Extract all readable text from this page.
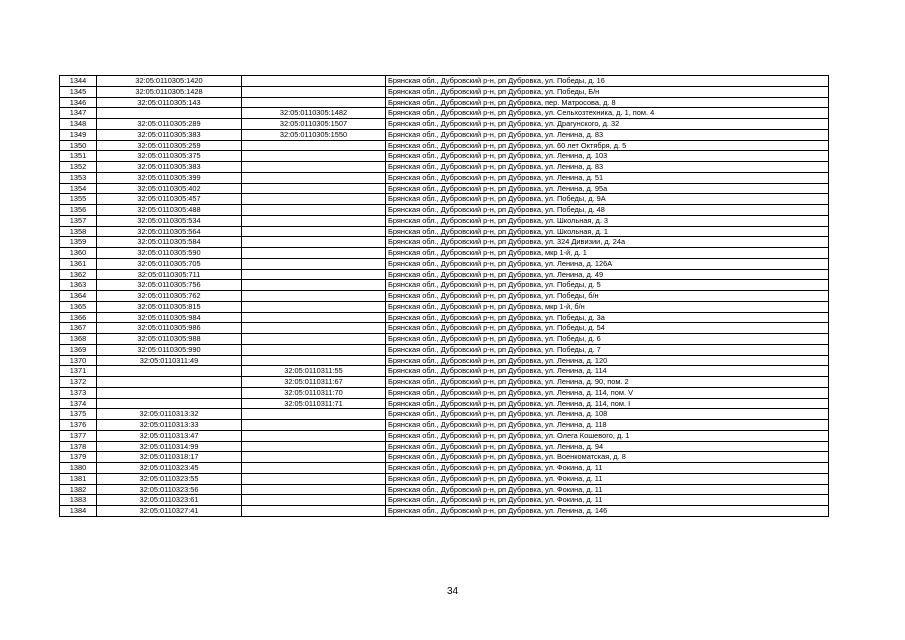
1344	32:05:0110305:1420		Брянская обл., Дубровский р-н, рп Дубровка, ул. Победы, д. 16
1345	32:05:0110305:1428		Брянская обл., Дубровский р-н, рп Дубровка, ул. Победы, Б/н
1346	32:05:0110305:143		Брянская обл., Дубровский р-н, рп Дубровка, пер. Матросова, д. 8
1347		32:05:0110305:1482	Брянская обл., Дубровский р-н, рп Дубровка, ул. Сельхозтехника, д. 1, пом. 4
1348	32:05:0110305:289	32:05:0110305:1507	Брянская обл., Дубровский р-н, рп Дубровка, ул. Драгунского, д. 32
1349	32:05:0110305:383	32:05:0110305:1550	Брянская обл., Дубровский р-н, рп Дубровка, ул. Ленина, д. 83
1350	32:05:0110305:259		Брянская обл., Дубровский р-н, рп Дубровка, ул. 60 лет Октября, д. 5
1351	32:05:0110305:375		Брянская обл., Дубровский р-н, рп Дубровка, ул. Ленина, д. 103
1352	32:05:0110305:383		Брянская обл., Дубровский р-н, рп Дубровка, ул. Ленина, д. 83
1353	32:05:0110305:399		Брянская обл., Дубровский р-н, рп Дубровка, ул. Ленина, д. 51
1354	32:05:0110305:402		Брянская обл., Дубровский р-н, рп Дубровка, ул. Ленина, д. 95а
1355	32:05:0110305:457		Брянская обл., Дубровский р-н, рп Дубровка, ул. Победы, д. 9А
1356	32:05:0110305:488		Брянская обл., Дубровский р-н, рп Дубровка, ул. Победы, д. 48
1357	32:05:0110305:534		Брянская обл., Дубровский р-н, рп Дубровка, ул. Школьная, д. 3
1358	32:05:0110305:564		Брянская обл., Дубровский р-н, рп Дубровка, ул. Школьная, д. 1
1359	32:05:0110305:584		Брянская обл., Дубровский р-н, рп Дубровка, ул. 324 Дивизии, д. 24а
1360	32:05:0110305:590		Брянская обл., Дубровский р-н, рп Дубровка, мкр 1-й, д. 1
1361	32:05:0110305:705		Брянская обл., Дубровский р-н, рп Дубровка, ул. Ленина, д. 126А
1362	32:05:0110305:711		Брянская обл., Дубровский р-н, рп Дубровка, ул. Ленина, д. 49
1363	32:05:0110305:756		Брянская обл., Дубровский р-н, рп Дубровка, ул. Победы, д. 5
1364	32:05:0110305:762		Брянская обл., Дубровский р-н, рп Дубровка, ул. Победы, б/н
1365	32:05:0110305:815		Брянская обл., Дубровский р-н, рп Дубровка, мкр 1-й, б/н
1366	32:05:0110305:984		Брянская обл., Дубровский р-н, рп Дубровка, ул. Победы, д. 3а
1367	32:05:0110305:986		Брянская обл., Дубровский р-н, рп Дубровка, ул. Победы, д. 54
1368	32:05:0110305:988		Брянская обл., Дубровский р-н, рп Дубровка, ул. Победы, д. 6
1369	32:05:0110305:990		Брянская обл., Дубровский р-н, рп Дубровка, ул. Победы, д. 7
1370	32:05:0110311:49		Брянская обл., Дубровский р-н, рп Дубровка, ул. Ленина, д. 120
1371		32:05:0110311:55	Брянская обл., Дубровский р-н, рп Дубровка, ул. Ленина, д. 114
1372		32:05:0110311:67	Брянская обл., Дубровский р-н, рп Дубровка, ул. Ленина, д. 90, пом. 2
1373		32:05:0110311:70	Брянская обл., Дубровский р-н, рп Дубровка, ул. Ленина, д. 114, пом. V
1374		32:05:0110311:71	Брянская обл., Дубровский р-н, рп Дубровка, ул. Ленина, д. 114, пом. I
1375	32:05:0110313:32		Брянская обл., Дубровский р-н, рп Дубровка, ул. Ленина, д. 108
1376	32:05:0110313:33		Брянская обл., Дубровский р-н, рп Дубровка, ул. Ленина, д. 118
1377	32:05:0110313:47		Брянская обл., Дубровский р-н, рп Дубровка, ул. Олега Кошевого, д. 1
1378	32:05:0110314:99		Брянская обл., Дубровский р-н, рп Дубровка, ул. Ленина, д. 94
1379	32:05:0110318:17		Брянская обл., Дубровский р-н, рп Дубровка, ул. Военкоматская, д. 8
1380	32:05:0110323:45		Брянская обл., Дубровский р-н, рп Дубровка, ул. Фокина, д. 11
1381	32:05:0110323:55		Брянская обл., Дубровский р-н, рп Дубровка, ул. Фокина, д. 11
1382	32:05:0110323:56		Брянская обл., Дубровский р-н, рп Дубровка, ул. Фокина, д. 11
1383	32:05:0110323:61		Брянская обл., Дубровский р-н, рп Дубровка, ул. Фокина, д. 11
1384	32:05:0110327:41		Брянская обл., Дубровский р-н, рп Дубровка, ул. Ленина, д. 146
34
